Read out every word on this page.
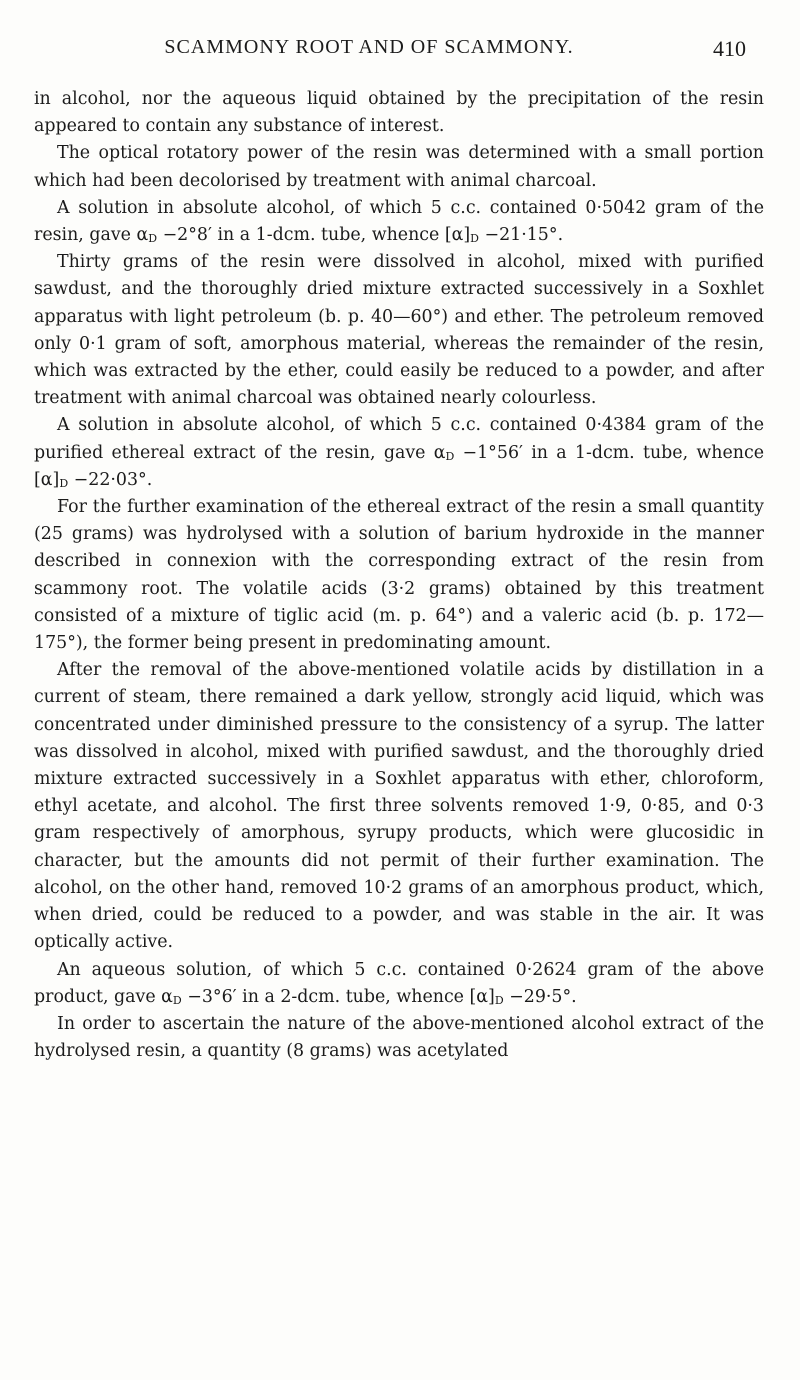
SCAMMONY ROOT AND OF SCAMMONY.	410

in alcohol, nor the aqueous liquid obtained by the precipitation of the resin appeared to contain any substance of interest.

The optical rotatory power of the resin was determined with a small portion which had been decolorised by treatment with animal charcoal.

A solution in absolute alcohol, of which 5 c.c. contained 0·5042 gram of the resin, gave $\alpha_D -2^\circ 8'$ in a 1-dcm. tube, whence $[\alpha]_D -21\cdot 15^\circ$.

Thirty grams of the resin were dissolved in alcohol, mixed with purified sawdust, and the thoroughly dried mixture extracted successively in a Soxhlet apparatus with light petroleum (b. p. 40—60°) and ether. The petroleum removed only 0·1 gram of soft, amorphous material, whereas the remainder of the resin, which was extracted by the ether, could easily be reduced to a powder, and after treatment with animal charcoal was obtained nearly colourless.

A solution in absolute alcohol, of which 5 c.c. contained 0·4384 gram of the purified ethereal extract of the resin, gave $\alpha_D -1^\circ 56'$ in a 1-dcm. tube, whence $[\alpha]_D -22\cdot 03^\circ$.

For the further examination of the ethereal extract of the resin a small quantity (25 grams) was hydrolysed with a solution of barium hydroxide in the manner described in connexion with the corresponding extract of the resin from scammony root. The volatile acids (3·2 grams) obtained by this treatment consisted of a mixture of tiglic acid (m. p. 64°) and a valeric acid (b. p. 172—175°), the former being present in predominating amount.

After the removal of the above-mentioned volatile acids by distillation in a current of steam, there remained a dark yellow, strongly acid liquid, which was concentrated under diminished pressure to the consistency of a syrup. The latter was dissolved in alcohol, mixed with purified sawdust, and the thoroughly dried mixture extracted successively in a Soxhlet apparatus with ether, chloroform, ethyl acetate, and alcohol. The first three solvents removed 1·9, 0·85, and 0·3 gram respectively of amorphous, syrupy products, which were glucosidic in character, but the amounts did not permit of their further examination. The alcohol, on the other hand, removed 10·2 grams of an amorphous product, which, when dried, could be reduced to a powder, and was stable in the air. It was optically active.

An aqueous solution, of which 5 c.c. contained 0·2624 gram of the above product, gave $\alpha_D -3^\circ 6'$ in a 2-dcm. tube, whence $[\alpha]_D -29\cdot 5^\circ$.

In order to ascertain the nature of the above-mentioned alcohol extract of the hydrolysed resin, a quantity (8 grams) was acetylated
